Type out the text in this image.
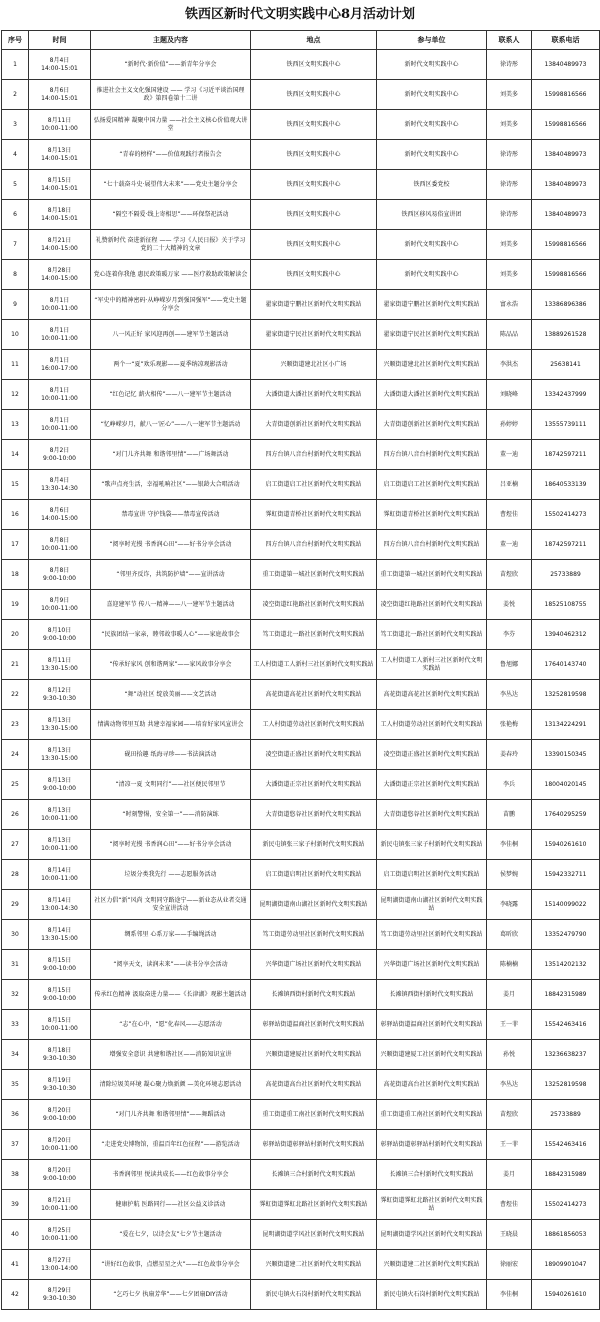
铁西区新时代文明实践中心8月活动计划
序号	时间	主题及内容	地点	参与单位	联系人	联系电话
1	8月4日
14:00-15:01	“新时代·新价值”——新青年分享会	铁西区文明实践中心	新时代文明实践中心	徐诗彤	13840489973
2	8月6日
14:00-15:01	推进社会主义文化强国建设 —— 学习《习近平谈治国理政》第四卷第十二讲	铁西区文明实践中心	新时代文明实践中心	刘美多	15998816566
3	8月11日
10:00-11:00	弘扬爱国精神 凝聚中国力量 ——社会主义核心价值观大讲堂	铁西区文明实践中心	新时代文明实践中心	刘美多	15998816566
4	8月13日
14:00-15:01	“青春的榜样”——价值观践行者报告会	铁西区文明实践中心	新时代文明实践中心	徐诗彤	13840489973
5	8月15日
14:00-15:01	“七十载奋斗史·展望伟大未来”——党史主题分享会	铁西区文明实践中心	铁西区委党校	徐诗彤	13840489973
6	8月18日
14:00-15:01	“隔空不隔爱·线上寄相思”——环保祭祀活动	铁西区文明实践中心	铁西区移风易俗宣讲团	徐诗彤	13840489973
7	8月21日
14:00-15:00	礼赞新时代 奋进新征程 —— 学习《人民日报》关于学习党的二十大精神的文章	铁西区文明实践中心	新时代文明实践中心	刘美多	15998816566
8	8月28日
14:00-15:00	党心连着你我他 惠民政策暖万家 ——医疗救助政策解读会	铁西区文明实践中心	新时代文明实践中心	刘美多	15998816566
9	8月1日
10:00-11:00	“军史中的精神密码·从峥嵘岁月到强国强军”——党史主题分享会	翟家街道宁鹏社区新时代文明实践站	翟家街道宁鹏社区新时代文明实践站	富永浩	13386896386
10	8月1日
10:00-11:00	八一风正好 家风迎再创——建军节主题活动	翟家街道宁民社区新时代文明实践站	翟家街道宁民社区新时代文明实践站	陈品品	13889261528
11	8月1日
16:00-17:00	两个一“夏”欢乐观影——夏季纳凉观影活动	兴顺街道建北社区小广场	兴顺街道建北社区新时代文明实践站	李洪杰	25638141
12	8月1日
10:00-11:00	“红色记忆 薪火相传”——八一建军节主题活动	大潘街道大潘社区新时代文明实践站	大潘街道大潘社区新时代文明实践站	刘晓峰	13342437999
13	8月1日
10:00-11:00	“忆峥嵘岁月，献八一′匠心”——八一建军节主题活动	大青街道创新社区新时代文明实践站	大青街道创新社区新时代文明实践站	孙婷婷	13555739111
14	8月2日
9:00-10:00	“对门儿齐共舞 和谐邻里情”——广场舞活动	四方台镇八音台村新时代文明实践站	四方台镇八音台村新时代文明实践站	董一迪	18742597211
15	8月4日
13:30-14:30	“歌声点亮生活，幸福吼响社区”——银龄大合唱活动	启工街道启工社区新时代文明实践站	启工街道启工社区新时代文明实践站	吕亚楠	18640533139
16	8月6日
14:00-15:00	禁毒宣讲 守护钱袋——禁毒宣传活动	霁虹街道青桥社区新时代文明实践站	霁虹街道青桥社区新时代文明实践站	曹煜佳	15502414273
17	8月8日
10:00-11:00	“阅享时光慢 书香润心田”——好书分享会活动	四方台镇八音台村新时代文明实践站	四方台镇八音台村新时代文明实践站	董一迪	18742597211
18	8月8日
9:00-10:00	“邻里齐反诈，共筑防护墙”——宣讲活动	重工街道第一城社区新时代文明实践站	重工街道第一城社区新时代文明实践站	苗煜欣	25733889
19	8月9日
10:00-11:00	喜迎建军节 传八一精神——八一建军节主题活动	凌空街道红艳路社区新时代文明实践站	凌空街道红艳路社区新时代文明实践站	姜悦	18525108755
20	8月10日
9:00-10:00	“民族团结一家亲，睦邻故事暖人心”——家庭故事会	笃工街道北一路社区新时代文明实践站	笃工街道北一路社区新时代文明实践站	李芬	13940462312
21	8月11日
13:30-15:00	“传承好家风 创和谐两家”——家风故事分享会	工人村街道工人新村三社区新时代文明实践站	工人村街道工人新村三社区新时代文明实践站	鲁旭娜	17640143740
22	8月12日
9:30-10:30	“舞”动社区 绽放美丽——文艺活动	高花街道高花社区新时代文明实践站	高花街道高花社区新时代文明实践站	李丛达	13252819598
23	8月13日
13:30-15:00	情满动物邻里互助 共建幸福家园——培育好家风宣讲会	工人村街道劳动社区新时代文明实践站	工人村街道劳动社区新时代文明实践站	张艳梅	13134224291
24	8月13日
13:30-15:00	砚田拾趣 纸海寻珍——书法演活动	凌空街道正盛社区新时代文明实践站	凌空街道正盛社区新时代文明实践站	姜春玲	13390150345
25	8月13日
9:00-10:00	“清凉一夏 文明同行”——社区便民邻里节	大潘街道正宗社区新时代文明实践站	大潘街道正宗社区新时代文明实践站	李兵	18004020145
26	8月13日
10:00-11:00	“时刻警惕，安全第一”——消防演练	大青街道悠谷社区新时代文明实践站	大青街道悠谷社区新时代文明实践站	苗鹏	17640295259
27	8月13日
10:00-11:00	“阅享时光慢 书香润心田”——好书分享会活动	新民屯镇张三家子村新时代文明实践站	新民屯镇张三家子村新时代文明实践站	李佳桐	15940261610
28	8月14日
10:00-11:00	垃圾分类我先行 ——志愿服务活动	启工街道启明社区新时代文明实践站	启工街道启明社区新时代文明实践站	侯梦婉	15942332711
29	8月14日
13:00-14:30	社区力倡“新”风尚 文明同守路途宁——新业态从业者交通安全宣讲活动	昆明湖街道南山湖社区新时代文明实践站	昆明湖街道南山湖社区新时代文明实践站	李晓露	15140099022
30	8月14日
13:30-15:00	绸系邻里 心系万家——手编绳活动	笃工街道劳动里社区新时代文明实践站	笃工街道劳动里社区新时代文明实践站	葛昕欣	13352479790
31	8月15日
9:00-10:00	“阅享天文，读润未来”——读书分享会活动	兴华街道广场社区新时代文明实践站	兴华街道广场社区新时代文明实践站	陈楠楠	13514202132
32	8月15日
9:00-10:00	传承红色精神 汲取奋进力量——《长津湖》观影主题活动	长滩镇西街村新时代文明实践站	长滩镇西街村新时代文明实践站	姜月	18842315989
33	8月15日
10:00-11:00	“志”在心中，“愿”化春风——志愿活动	彰驿站街道温商社区新时代文明实践站	彰驿站街道温商社区新时代文明实践站	王一菲	15542463416
34	8月18日
9:30-10:30	增强安全意识 共建和谐社区——消防知识宣讲	兴顺街道建厦社区新时代文明实践站	兴顺街道建厦工社区新时代文明实践站	孙悦	13236638237
35	8月19日
9:30-10:30	清除垃圾美环境 凝心聚力焕新颜 —美化环境志愿活动	高花街道高台社区新时代文明实践站	高花街道高台社区新时代文明实践站	李丛达	13252819598
36	8月20日
9:00-10:00	“对门儿齐共舞 和谐邻里情”——舞蹈活动	重工街道重工南社区新时代文明实践站	重工街道重工南社区新时代文明实践站	苗煜欣	25733889
37	8月20日
10:00-11:00	“走进党史博物馆，重温百年红色征程”——游览活动	彰驿站街道彰驿站村新时代文明实践站	彰驿站街道彰驿站村新时代文明实践站	王一菲	15542463416
38	8月20日
9:00-10:00	书香润邻里 悦读共成长——红色故事分享会	长滩镇三合村新时代文明实践站	长滩镇三合村新时代文明实践站	姜月	18842315989
39	8月21日
10:00-11:00	健康护航 医路同行——社区公益义诊活动	霁虹街道霁虹北路社区新时代文明实践站	霁虹街道霁虹北路社区新时代文明实践站	曹煜佳	15502414273
40	8月25日
10:00-11:00	“爱在七夕，以诗会友”七夕节主题活动	昆明湖街道学风社区新时代文明实践站	昆明湖街道学风社区新时代文明实践站	王晓晨	18861856053
41	8月27日
13:00-14:00	“讲好红色故事，点燃星星之火”——红色故事分享会	兴顺街道建二社区新时代文明实践站	兴顺街道建二社区新时代文明实践站	徐丽宏	18909901047
42	8月29日
9:30-10:30	“乞巧七夕 执扇芳华”——七夕团扇DIY活动	新民屯镇火石岗村新时代文明实践站	新民屯镇火石岗村新时代文明实践站	李佳桐	15940261610
